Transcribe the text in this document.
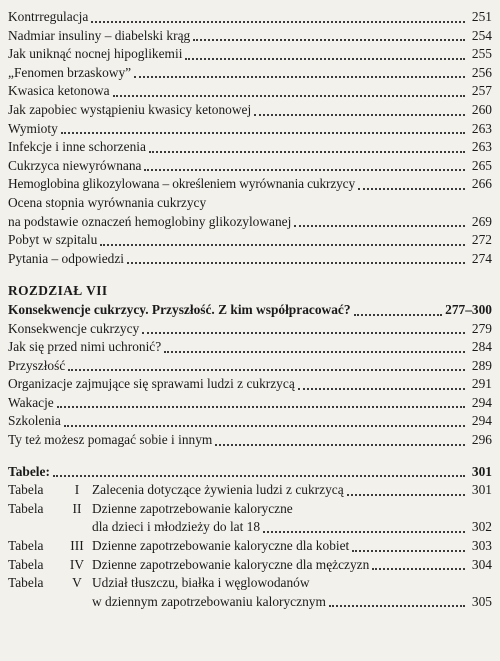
Kontrregulacja	251
Nadmiar insuliny – diabelski krąg	254
Jak uniknąć nocnej hipoglikemii	255
„Fenomen brzaskowy”	256
Kwasica ketonowa	257
Jak zapobiec wystąpieniu kwasicy ketonowej	260
Wymioty	263
Infekcje i inne schorzenia	263
Cukrzyca niewyrównana	265
Hemoglobina glikozylowana – określeniem wyrównania cukrzycy	266
Ocena stopnia wyrównania cukrzycy
na podstawie oznaczeń hemoglobiny glikozylowanej	269
Pobyt w szpitalu	272
Pytania – odpowiedzi	274
ROZDZIAŁ VII
Konsekwencje cukrzycy. Przyszłość. Z kim współpracować?	277–300
Konsekwencje cukrzycy	279
Jak się przed nimi uchronić?	284
Przyszłość	289
Organizacje zajmujące się sprawami ludzi z cukrzycą	291
Wakacje	294
Szkolenia	294
Ty też możesz pomagać sobie i innym	296
Tabele:	301
Tabela	I Zalecenia dotyczące żywienia ludzi z cukrzycą	301
Tabela	II Dzienne zapotrzebowanie kaloryczne
dla dzieci i młodzieży do lat 18	302
Tabela	III Dzienne zapotrzebowanie kaloryczne dla kobiet	303
Tabela	IV Dzienne zapotrzebowanie kaloryczne dla mężczyzn	304
Tabela	V Udział tłuszczu, białka i węglowodanów
w dziennym zapotrzebowaniu kalorycznym	305
